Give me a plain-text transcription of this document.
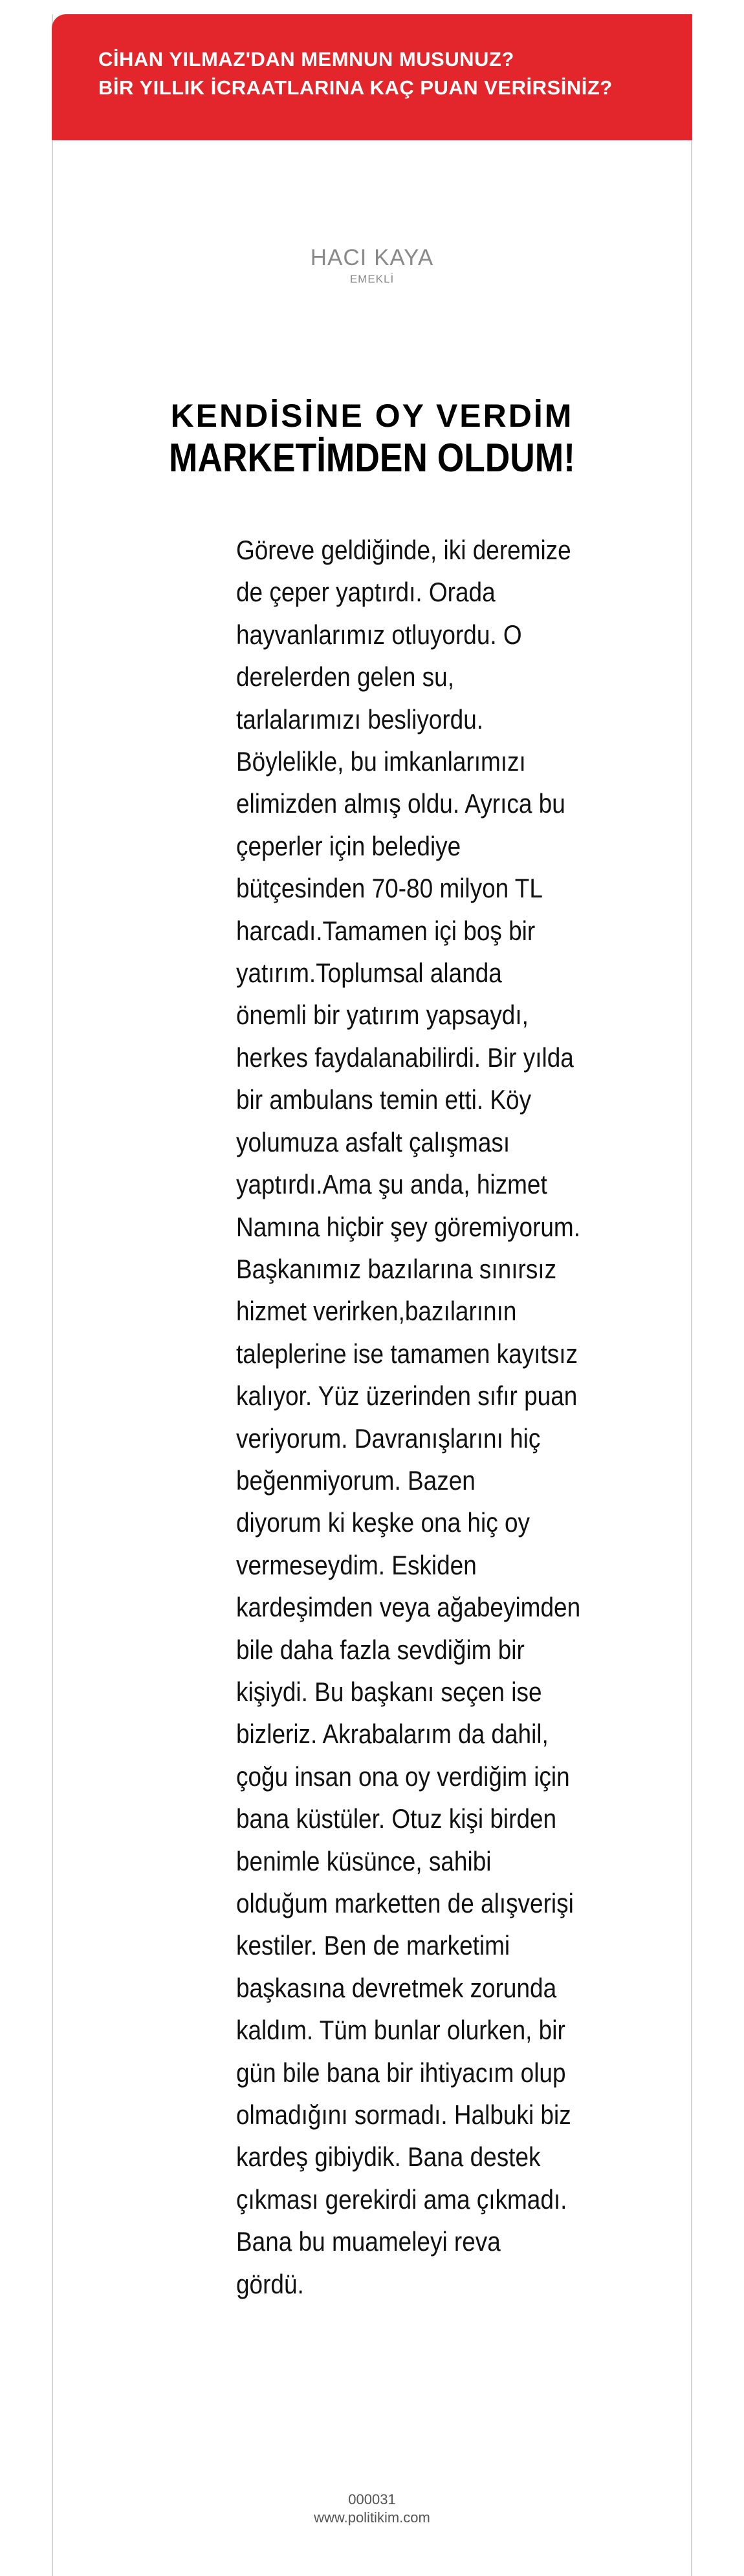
CİHAN YILMAZ'DAN MEMNUN MUSUNUZ?
BİR YILLIK İCRAATLARINA KAÇ PUAN VERİRSİNİZ?
HACI KAYA
EMEKLİ
KENDİSİNE OY VERDİM
MARKETİMDEN OLDUM!
Göreve geldiğinde, iki deremize
de çeper yaptırdı. Orada
hayvanlarımız otluyordu. O
derelerden gelen su,
tarlalarımızı besliyordu.
Böylelikle, bu imkanlarımızı
elimizden almış oldu. Ayrıca bu
çeperler için belediye
bütçesinden 70-80 milyon TL
harcadı.Tamamen içi boş bir
yatırım.Toplumsal alanda
önemli bir yatırım yapsaydı,
herkes faydalanabilirdi. Bir yılda
bir ambulans temin etti. Köy
yolumuza asfalt çalışması
yaptırdı.Ama şu anda, hizmet
Namına hiçbir şey göremiyorum.
Başkanımız bazılarına sınırsız
hizmet verirken,bazılarının
taleplerine ise tamamen kayıtsız
kalıyor. Yüz üzerinden sıfır puan
veriyorum. Davranışlarını hiç
beğenmiyorum. Bazen
diyorum ki keşke ona hiç oy
vermeseydim. Eskiden
kardeşimden veya ağabeyimden
bile daha fazla sevdiğim bir
kişiydi. Bu başkanı seçen ise
bizleriz. Akrabalarım da dahil,
çoğu insan ona oy verdiğim için
bana küstüler. Otuz kişi birden
benimle küsünce, sahibi
olduğum marketten de alışverişi
kestiler. Ben de marketimi
başkasına devretmek zorunda
kaldım. Tüm bunlar olurken, bir
gün bile bana bir ihtiyacım olup
olmadığını sormadı. Halbuki biz
kardeş gibiydik. Bana destek
çıkması gerekirdi ama çıkmadı.
Bana bu muameleyi reva
gördü.
000031
www.politikim.com
